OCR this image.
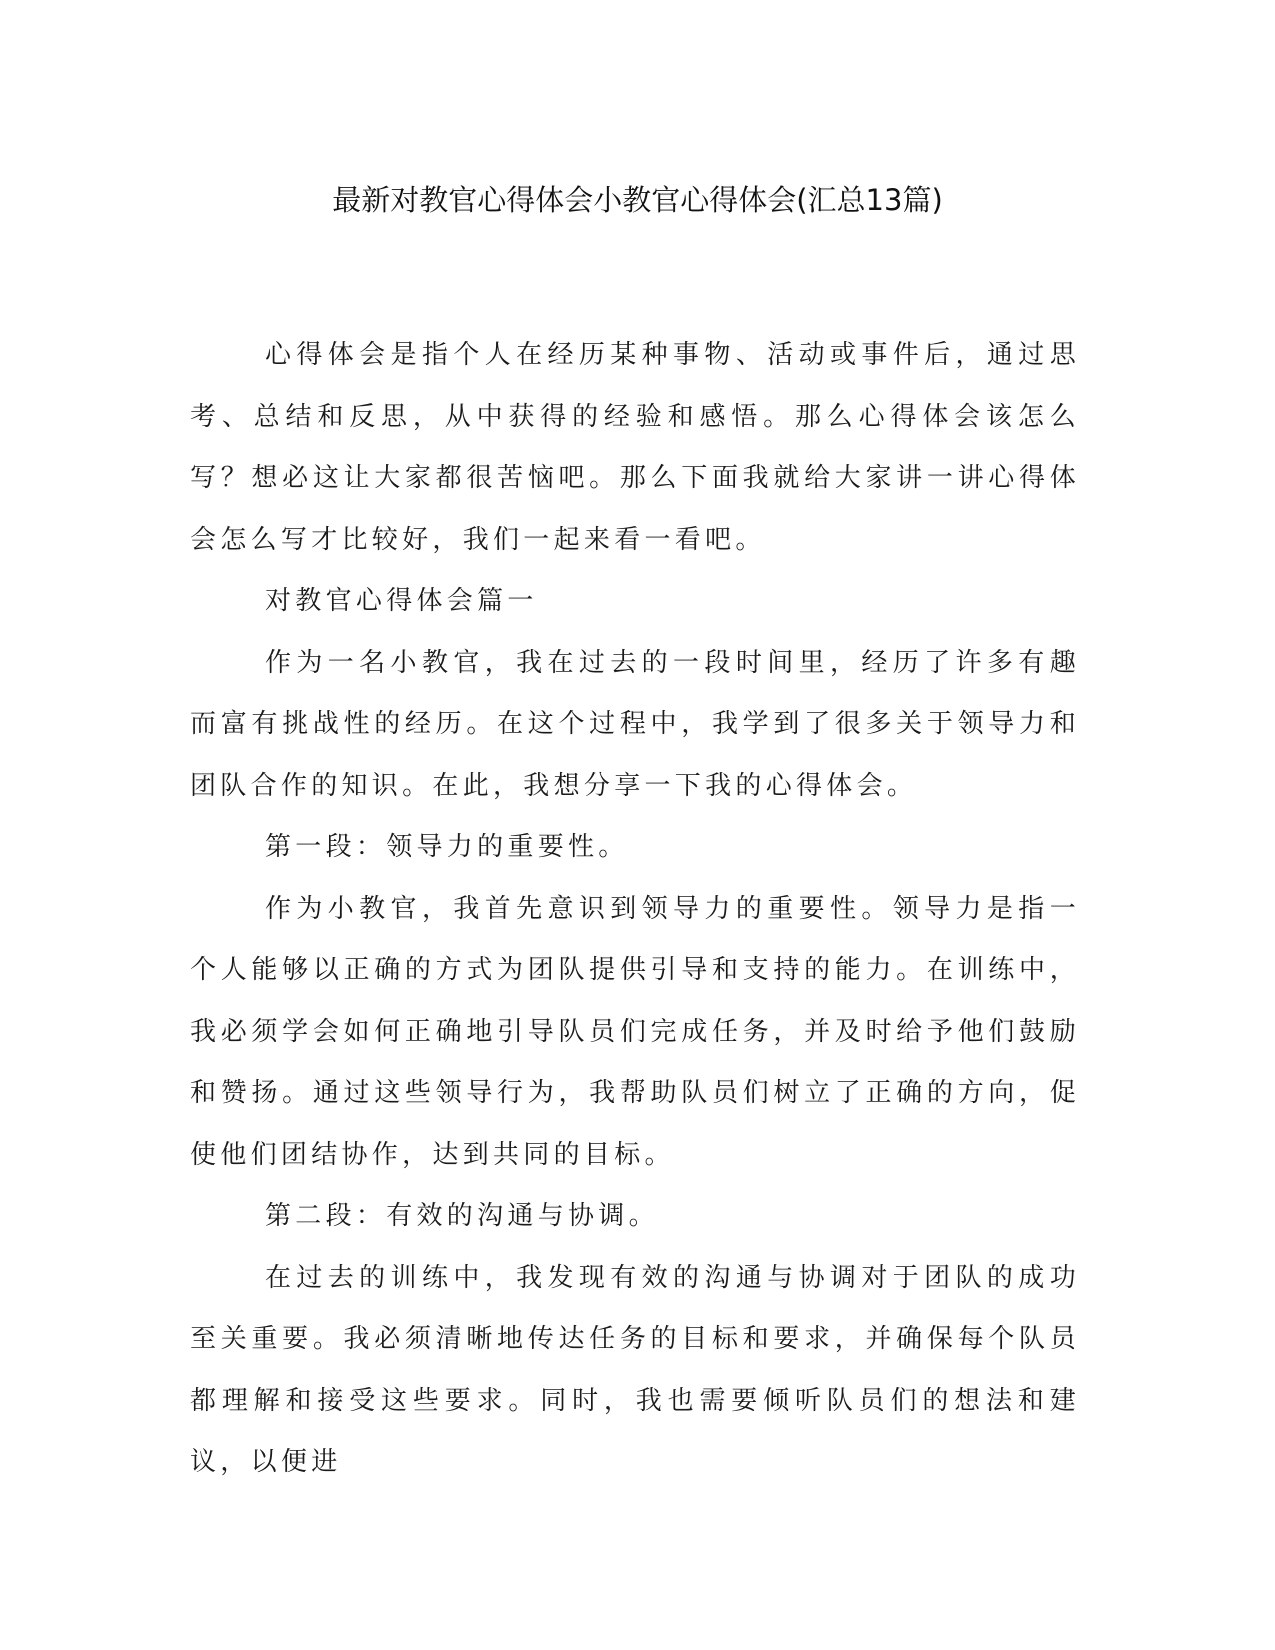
最新对教官心得体会小教官心得体会(汇总13篇)

心得体会是指个人在经历某种事物、活动或事件后，通过思考、总结和反思，从中获得的经验和感悟。那么心得体会该怎么写？想必这让大家都很苦恼吧。那么下面我就给大家讲一讲心得体会怎么写才比较好，我们一起来看一看吧。

对教官心得体会篇一

作为一名小教官，我在过去的一段时间里，经历了许多有趣而富有挑战性的经历。在这个过程中，我学到了很多关于领导力和团队合作的知识。在此，我想分享一下我的心得体会。

第一段：领导力的重要性。

作为小教官，我首先意识到领导力的重要性。领导力是指一个人能够以正确的方式为团队提供引导和支持的能力。在训练中，我必须学会如何正确地引导队员们完成任务，并及时给予他们鼓励和赞扬。通过这些领导行为，我帮助队员们树立了正确的方向，促使他们团结协作，达到共同的目标。

第二段：有效的沟通与协调。

在过去的训练中，我发现有效的沟通与协调对于团队的成功至关重要。我必须清晰地传达任务的目标和要求，并确保每个队员都理解和接受这些要求。同时，我也需要倾听队员们的想法和建议，以便进
